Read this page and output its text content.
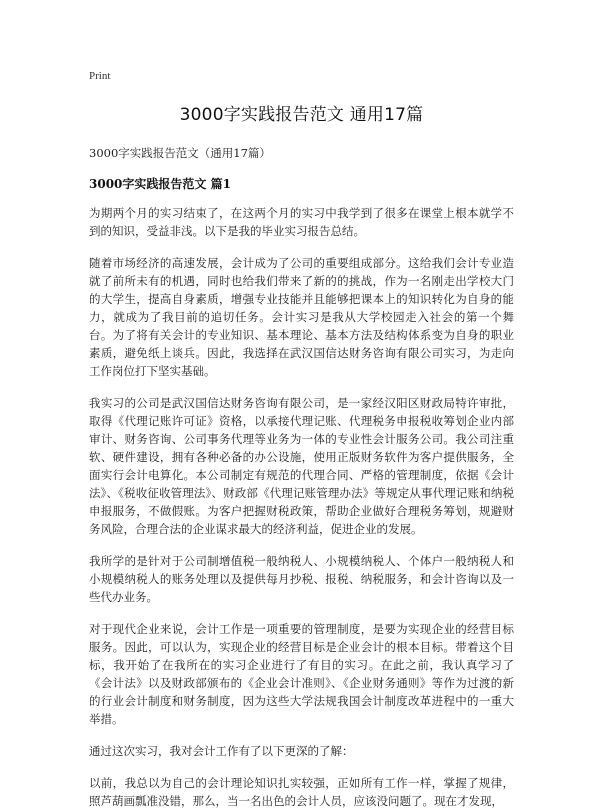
Print
3000字实践报告范文 通用17篇
3000字实践报告范文（通用17篇）
3000字实践报告范文 篇1

为期两个月的实习结束了，在这两个月的实习中我学到了很多在课堂上根本就学不到的知识，受益非浅。以下是我的毕业实习报告总结。

随着市场经济的高速发展，会计成为了公司的重要组成部分。这给我们会计专业造就了前所未有的机遇，同时也给我们带来了新的的挑战，作为一名刚走出学校大门的大学生，提高自身素质，增强专业技能并且能够把课本上的知识转化为自身的能力，就成为了我目前的追切任务。会计实习是我从大学校园走入社会的第一个舞台。为了将有关会计的专业知识、基本理论、基本方法及结构体系变为自身的职业素质，避免纸上谈兵。因此，我选择在武汉国信达财务咨询有限公司实习，为走向工作岗位打下坚实基础。

我实习的公司是武汉国信达财务咨询有限公司，是一家经汉阳区财政局特许审批，取得《代理记账许可证》资格，以承接代理记账、代理税务申报税收筹划企业内部审计、财务咨询、公司事务代理等业务为一体的专业性会计服务公司。我公司注重软、硬件建设，拥有各种必备的办公设施，使用正版财务软件为客户提供服务，全面实行会计电算化。本公司制定有规范的代理合同、严格的管理制度，依据《会计法》、《税收征收管理法》、财政部《代理记账管理办法》等规定从事代理记账和纳税申报服务，不做假账。为客户把握财税政策，帮助企业做好合理税务筹划，规避财务风险，合理合法的企业谋求最大的经济利益，促进企业的发展。

我所学的是针对于公司制增值税一般纳税人、小规模纳税人、个体户一般纳税人和小规模纳税人的账务处理以及提供每月抄税、报税、纳税服务，和会计咨询以及一些代办业务。

对于现代企业来说，会计工作是一项重要的管理制度，是要为实现企业的经营目标服务。因此，可以认为，实现企业的经营目标是企业会计的根本目标。带着这个目标，我开始了在我所在的实习企业进行了有目的实习。在此之前，我认真学习了《会计法》以及财政部颁布的《企业会计准则》、《企业财务通则》等作为过渡的新的行业会计制度和财务制度，因为这些大学法规我国会计制度改革进程中的一重大举措。

通过这次实习，我对会计工作有了以下更深的了解：

以前，我总以为自己的会计理论知识扎实较强，正如所有工作一样，掌握了规律，照芦葫画瓢准没错，那么，当一名出色的会计人员，应该没问题了。现在才发现，
